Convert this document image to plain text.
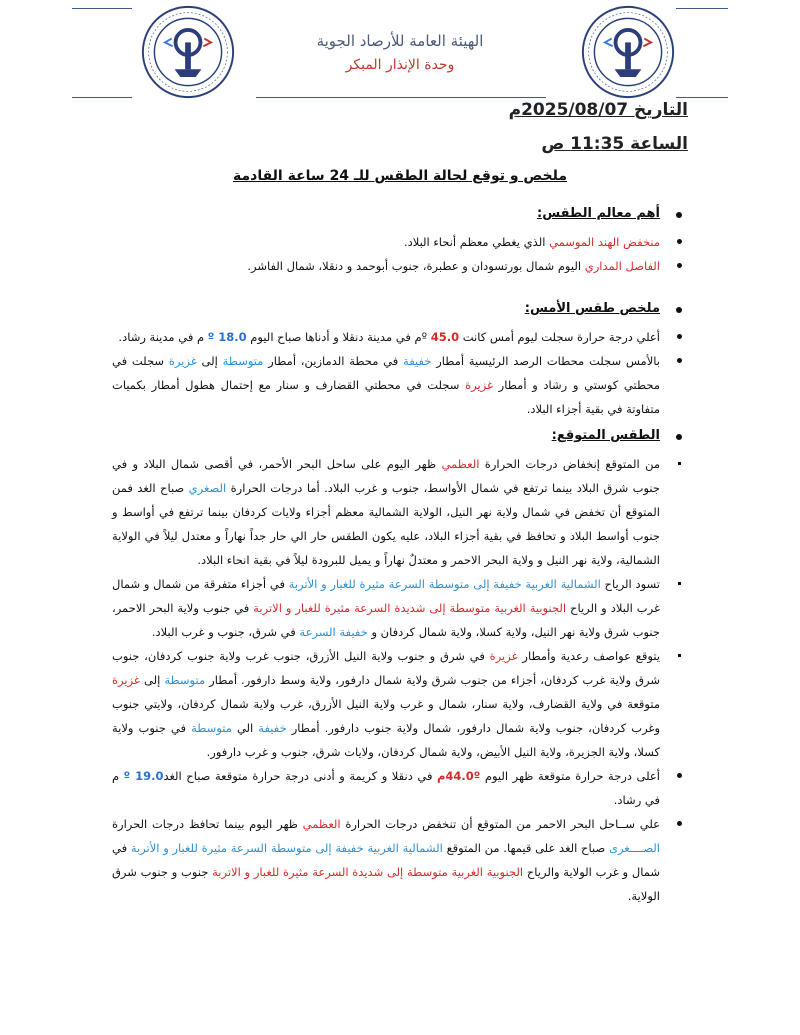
الهيئة العامة للأرصاد الجوية
وحدة الإنذار المبكر
التاريخ 2025/08/07م
الساعة 11:35 ص
ملخص و توقع لحالة الطقس للـ 24 ساعة القادمة
أهم معالم الطقس:

منخفض الهند الموسمي الذي يغطي معظم أنحاء البلاد.

الفاصل المداري اليوم شمال بورتسودان و عطبرة، جنوب أبوحمد و دنقلا، شمال الفاشر.

ملخص طقس الأمس:

أعلي درجة حرارة سجلت ليوم أمس كانت 45.0 ºم في مدينة دنقلا و أدناها صباح اليوم º 18.0 م في مدينة رشاد.

بالأمس سجلت محطات الرصد الرئيسية أمطار خفيفة في محطة الدمازين، أمطار متوسطة إلى غزيرة سجلت في محطتي كوستي و رشاد و أمطار غزيرة سجلت في محطتي القضارف و سنار مع إحتمال هطول أمطار بكميات متفاوتة في بقية أجزاء البلاد.

الطقس المتوقع:

من المتوقع إنخفاض درجات الحرارة العظمي ظهر اليوم على ساحل البحر الأحمر، في أقصى شمال البلاد و في جنوب شرق البلاد بينما ترتفع في شمال الأواسط، جنوب و غرب البلاد. أما درجات الحرارة الصغري صباح الغد فمن المتوقع أن تخفض في شمال ولاية نهر النيل، الولاية الشمالية معظم أجزاء ولايات كردفان بينما ترتفع في أواسط و جنوب أواسط البلاد و تحافظ في بقية أجزاء البلاد، عليه يكون الطقس حار الي حار جداً نهاراً و معتدل ليلاً في الولاية الشمالية، ولاية نهر النيل و ولاية البحر الاحمر و معتدلٌ نهاراً و يميل للبرودة ليلاً في بقية انحاء البلاد.

تسود الرياح الشمالية الغربية خفيفة إلى متوسطة السرعة مثيرة للغبار و الأتربة في أجزاء متفرقة من شمال و شمال غرب البلاد و الرياح الجنوبية الغربية متوسطة إلى شديدة السرعة مثيرة للغبار و الاتربة في جنوب ولاية البحر الاحمر، جنوب شرق ولاية نهر النيل، ولاية كسلا، ولاية شمال كردفان و خفيفة السرعة في شرق، جنوب و غرب البلاد.

يتوقع عواصف رعدية وأمطار غزيرة في شرق و جنوب ولاية النيل الأزرق، جنوب غرب ولاية جنوب كردفان، جنوب شرق ولاية غرب كردفان، أجزاء من جنوب شرق ولاية شمال دارفور، ولاية وسط دارفور. أمطار متوسطة إلى غزيرة متوقعة في ولاية القضارف، ولاية سنار، شمال و غرب ولاية النيل الأزرق، غرب ولاية شمال كردفان، ولايتي جنوب وغرب كردفان، جنوب ولاية شمال دارفور، شمال ولاية جنوب دارفور. أمطار خفيفة الي متوسطة في جنوب ولاية كسلا، ولاية الجزيرة، ولاية النيل الأبيض، ولاية شمال كردفان، ولايات شرق، جنوب و غرب دارفور.

أعلى درجة حرارة متوقعة ظهر اليوم 44.0ºم في دنقلا و كريمة و أدنى درجة حرارة متوقعة صباح الغد19.0 º م في رشاد.

علي ســاحل البحر الاحمر من المتوقع أن تنخفض درجات الحرارة العظمي ظهر اليوم بينما تحافظ درجات الحرارة الصــــغرى صباح الغد على قيمها. من المتوقع الشمالية الغربية خفيفة إلى متوسطة السرعة مثيرة للغبار و الأتربة في شمال و غرب الولاية والرياح الجنوبية الغربية متوسطة إلى شديدة السرعة مثيرة للغبار و الاتربة جنوب و جنوب شرق الولاية.
